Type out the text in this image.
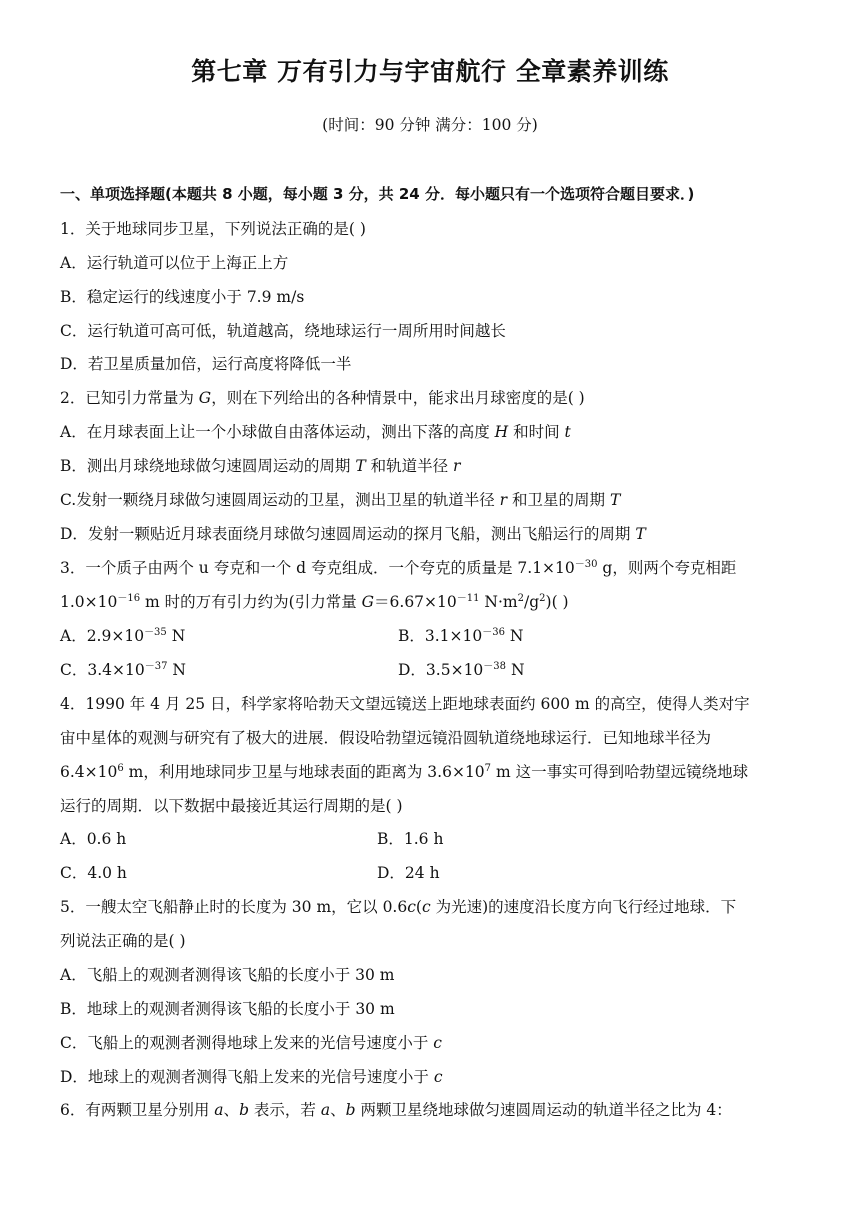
第七章 万有引力与宇宙航行 全章素养训练
(时间：90 分钟 满分：100 分)
一、单项选择题(本题共 8 小题，每小题 3 分，共 24 分．每小题只有一个选项符合题目要求．)
1．关于地球同步卫星，下列说法正确的是( )
A．运行轨道可以位于上海正上方
B．稳定运行的线速度小于 7.9 m/s
C．运行轨道可高可低，轨道越高，绕地球运行一周所用时间越长
D．若卫星质量加倍，运行高度将降低一半
2．已知引力常量为 G，则在下列给出的各种情景中，能求出月球密度的是( )
A．在月球表面上让一个小球做自由落体运动，测出下落的高度 H 和时间 t
B．测出月球绕地球做匀速圆周运动的周期 T 和轨道半径 r
C.发射一颗绕月球做匀速圆周运动的卫星，测出卫星的轨道半径 r 和卫星的周期 T
D．发射一颗贴近月球表面绕月球做匀速圆周运动的探月飞船，测出飞船运行的周期 T
3．一个质子由两个 u 夸克和一个 d 夸克组成．一个夸克的质量是 $7.1\times 10^{-30}$ g，则两个夸克相距
$1.0\times 10^{-16}$ m 时的万有引力约为(引力常量 $G=6.67\times 10^{-11}$ $N\cdot m^2/g^2$)( )
A．$2.9\times 10^{-35}$ N	B．$3.1\times 10^{-36}$ N
C．$3.4\times 10^{-37}$ N	D．$3.5\times 10^{-38}$ N
4．1990 年 4 月 25 日，科学家将哈勃天文望远镜送上距地球表面约 600 m 的高空，使得人类对宇
宙中星体的观测与研究有了极大的进展．假设哈勃望远镜沿圆轨道绕地球运行．已知地球半径为
$6.4\times 10^6$ m，利用地球同步卫星与地球表面的距离为 $3.6\times 10^7$ m 这一事实可得到哈勃望远镜绕地球
运行的周期．以下数据中最接近其运行周期的是( )
A．0.6 h	B．1.6 h
C．4.0 h	D．24 h
5．一艘太空飞船静止时的长度为 30 m，它以 0.6c(c 为光速)的速度沿长度方向飞行经过地球．下
列说法正确的是( )
A．飞船上的观测者测得该飞船的长度小于 30 m
B．地球上的观测者测得该飞船的长度小于 30 m
C．飞船上的观测者测得地球上发来的光信号速度小于 c
D．地球上的观测者测得飞船上发来的光信号速度小于 c
6．有两颗卫星分别用 a、b 表示，若 a、b 两颗卫星绕地球做匀速圆周运动的轨道半径之比为 4：
